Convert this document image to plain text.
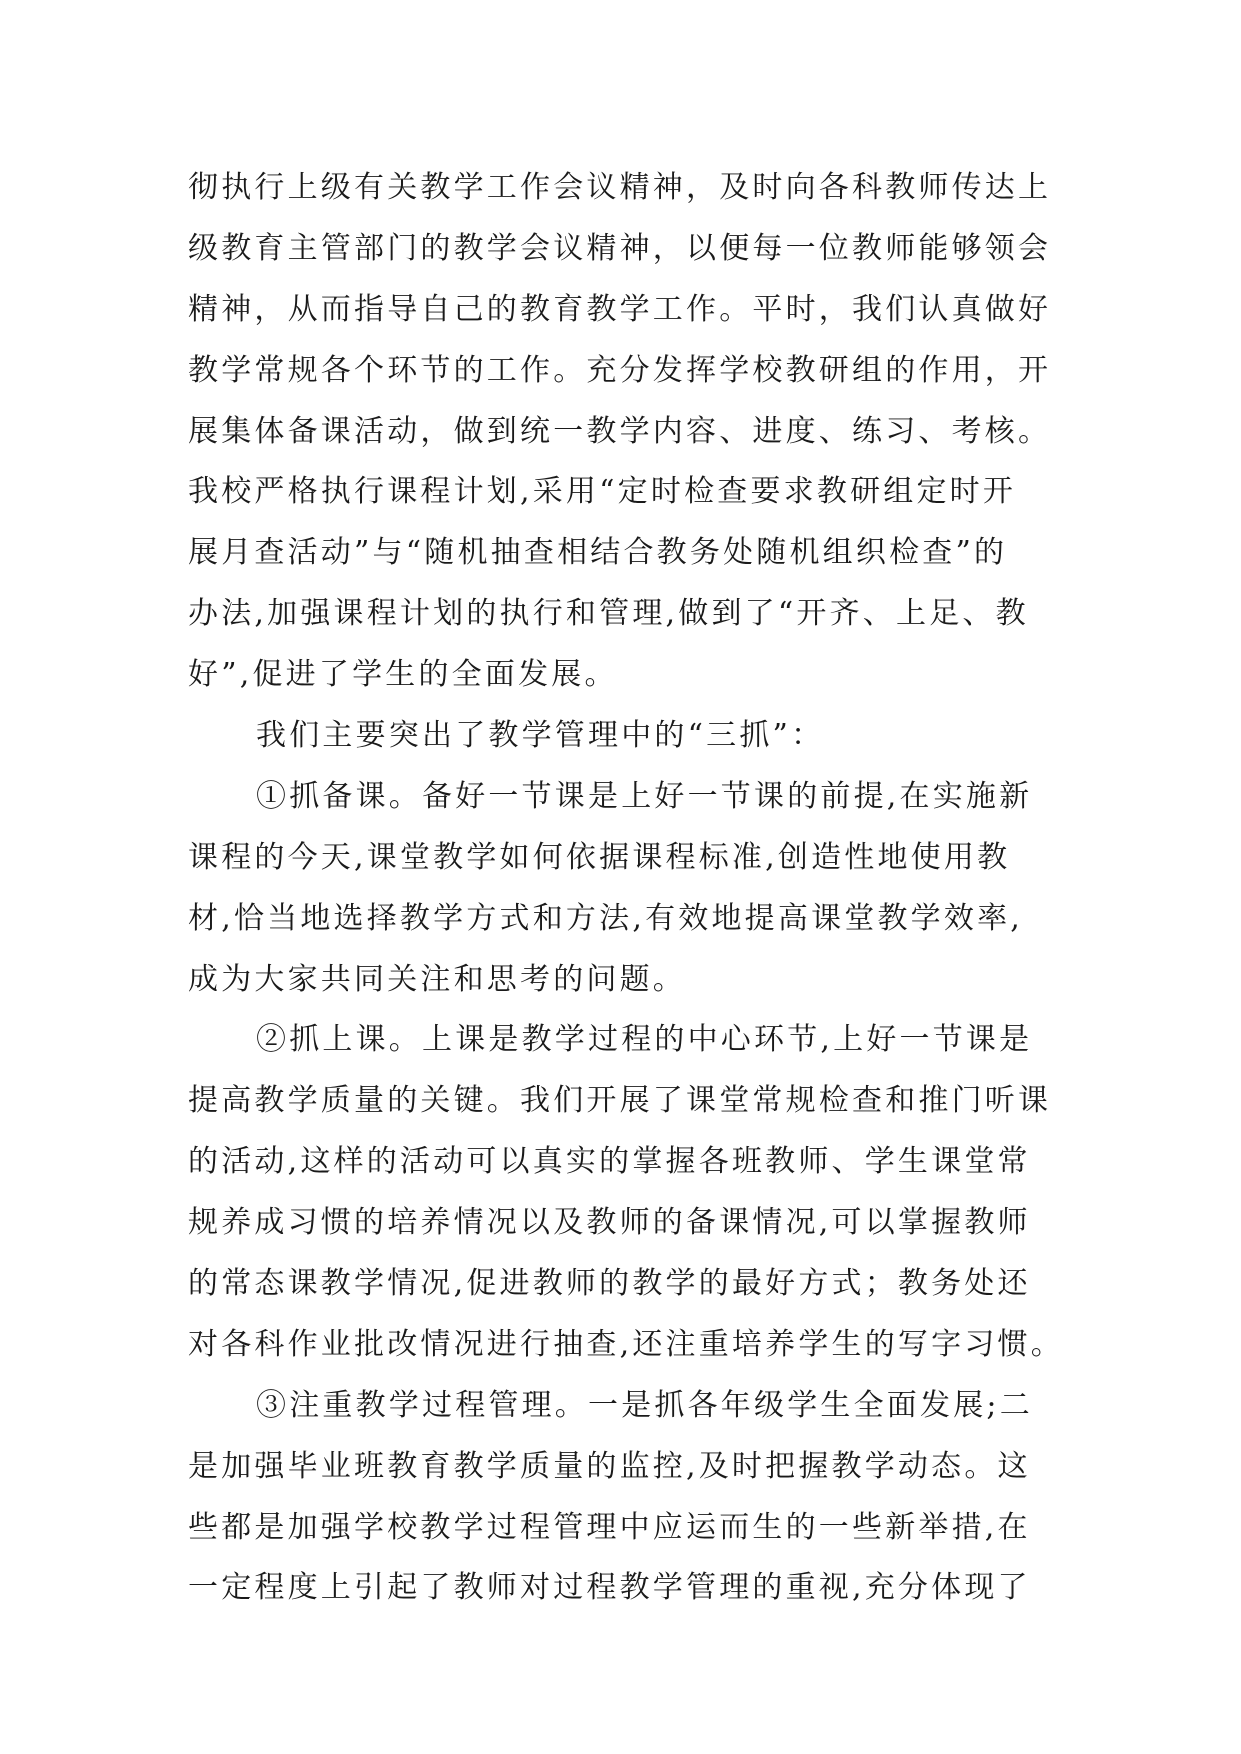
彻执行上级有关教学工作会议精神，及时向各科教师传达上
级教育主管部门的教学会议精神，以便每一位教师能够领会
精神，从而指导自己的教育教学工作。平时，我们认真做好
教学常规各个环节的工作。充分发挥学校教研组的作用，开
展集体备课活动，做到统一教学内容、进度、练习、考核。
我校严格执行课程计划,采用“定时检查要求教研组定时开
展月查活动”与“随机抽查相结合教务处随机组织检查”的
办法,加强课程计划的执行和管理,做到了“开齐、上足、教
好”,促进了学生的全面发展。
我们主要突出了教学管理中的“三抓”：
①抓备课。备好一节课是上好一节课的前提,在实施新
课程的今天,课堂教学如何依据课程标准,创造性地使用教
材,恰当地选择教学方式和方法,有效地提高课堂教学效率,
成为大家共同关注和思考的问题。
②抓上课。上课是教学过程的中心环节,上好一节课是
提高教学质量的关键。我们开展了课堂常规检查和推门听课
的活动,这样的活动可以真实的掌握各班教师、学生课堂常
规养成习惯的培养情况以及教师的备课情况,可以掌握教师
的常态课教学情况,促进教师的教学的最好方式；教务处还
对各科作业批改情况进行抽查,还注重培养学生的写字习惯。
③注重教学过程管理。一是抓各年级学生全面发展;二
是加强毕业班教育教学质量的监控,及时把握教学动态。这
些都是加强学校教学过程管理中应运而生的一些新举措,在
一定程度上引起了教师对过程教学管理的重视,充分体现了
